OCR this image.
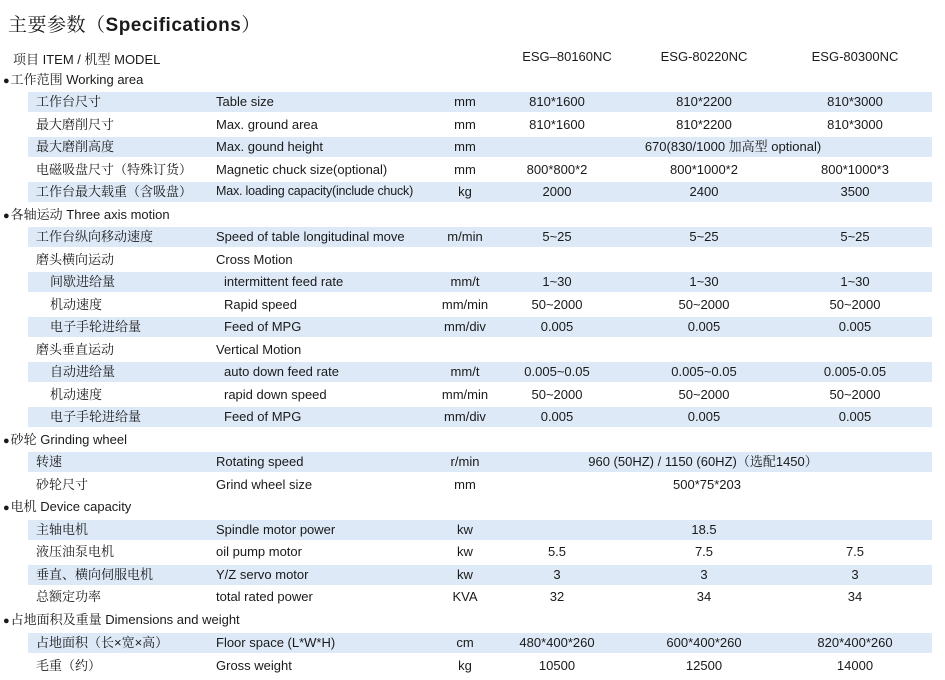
主要参数（Specifications）
项目 ITEM / 机型 MODEL	ESG–80160NC	ESG-80220NC	ESG-80300NC
●工作范围 Working area
工作台尺寸	Table size	mm	810*1600	810*2200	810*3000
最大磨削尺寸	Max. ground area	mm	810*1600	810*2200	810*3000
最大磨削高度	Max. gound height	mm	670(830/1000 加高型 optional)
电磁吸盘尺寸（特殊订货） Magnetic chuck size(optional)	mm	800*800*2	800*1000*2	800*1000*3
工作台最大载重（含吸盘） Max. loading capacity(include chuck)	kg	2000	2400	3500
●各轴运动 Three axis motion
工作台纵向移动速度	Speed of table longitudinal move	m/min	5~25	5~25	5~25
磨头横向运动	Cross Motion
间歇进给量	intermittent feed rate	mm/t	1~30	1~30	1~30
机动速度	Rapid speed	mm/min	50~2000	50~2000	50~2000
电子手轮进给量	Feed of MPG	mm/div	0.005	0.005	0.005
磨头垂直运动	Vertical Motion
自动进给量	auto down feed rate	mm/t	0.005~0.05	0.005~0.05	0.005-0.05
机动速度	rapid down speed	mm/min	50~2000	50~2000	50~2000
电子手轮进给量	Feed of MPG	mm/div	0.005	0.005	0.005
●砂轮 Grinding wheel
转速	Rotating speed	r/min	960 (50HZ) / 1150 (60HZ)（选配1450）
砂轮尺寸	Grind wheel size	mm	500*75*203
●电机 Device capacity
主轴电机	Spindle motor power	kw	18.5
液压油泵电机	oil pump motor	kw	5.5	7.5	7.5
垂直、横向伺服电机	Y/Z servo motor	kw	3	3	3
总额定功率	total rated power	KVA	32	34	34
●占地面积及重量 Dimensions and weight
占地面积（长×宽×高）	Floor space (L*W*H)	cm	480*400*260	600*400*260	820*400*260
毛重（约）	Gross weight	kg	10500	12500	14000
